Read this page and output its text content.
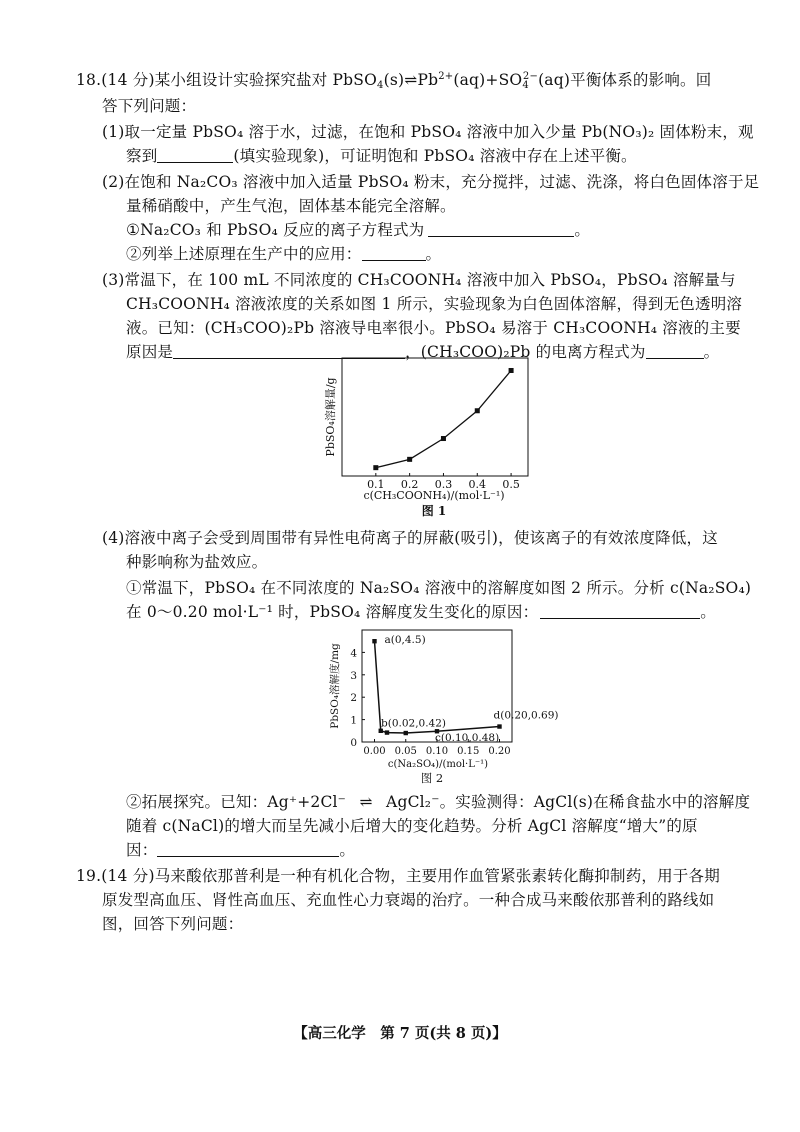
18.(14 分)某小组设计实验探究盐对 $PbSO_4(s)\rightleftharpoons Pb^{2+}(aq)+SO_4^{2-}(aq)$平衡体系的影响。回
答下列问题：
(1)取一定量 PbSO₄ 溶于水，过滤，在饱和 PbSO₄ 溶液中加入少量 Pb(NO₃)₂ 固体粉末，观
察到	(填实验现象)，可证明饱和 PbSO₄ 溶液中存在上述平衡。
(2)在饱和 Na₂CO₃ 溶液中加入适量 PbSO₄ 粉末，充分搅拌，过滤、洗涤，将白色固体溶于足
量稀硝酸中，产生气泡，固体基本能完全溶解。
①Na₂CO₃ 和 PbSO₄ 反应的离子方程式为	。
②列举上述原理在生产中的应用：	。
(3)常温下，在 100 mL 不同浓度的 CH₃COONH₄ 溶液中加入 PbSO₄，PbSO₄ 溶解量与
CH₃COONH₄ 溶液浓度的关系如图 1 所示，实验现象为白色固体溶解，得到无色透明溶
液。已知：(CH₃COO)₂Pb 溶液导电率很小。PbSO₄ 易溶于 CH₃COONH₄ 溶液的主要
原因是	，(CH₃COO)₂Pb 的电离方程式为	。
0.1 0.2 0.3 0.4 0.5
PbSO₄溶解量/g
c(CH₃COONH₄)/(mol·L⁻¹)
图 1
(4)溶液中离子会受到周围带有异性电荷离子的屏蔽(吸引)，使该离子的有效浓度降低，这
种影响称为盐效应。
①常温下，PbSO₄ 在不同浓度的 Na₂SO₄ 溶液中的溶解度如图 2 所示。分析 c(Na₂SO₄)
在 0～0.20 mol·L⁻¹ 时，PbSO₄ 溶解度发生变化的原因：	。
0
1
2
3
4
0.00 0.05 0.10 0.15 0.20
a(0,4.5)
b(0.02,0.42)
c(0.10,0.48)
d(0.20,0.69)
PbSO₄溶解度/mg
c(Na₂SO₄)/(mol·L⁻¹)
图 2
②拓展探究。已知：Ag⁺+2Cl⁻ ⇌ AgCl₂⁻。实验测得：AgCl(s)在稀食盐水中的溶解度
随着 c(NaCl)的增大而呈先减小后增大的变化趋势。分析 AgCl 溶解度“增大”的原
因：	。
19.(14 分)马来酸依那普利是一种有机化合物，主要用作血管紧张素转化酶抑制药，用于各期
原发型高血压、肾性高血压、充血性心力衰竭的治疗。一种合成马来酸依那普利的路线如
图，回答下列问题：
【高三化学　第 7 页(共 8 页)】
